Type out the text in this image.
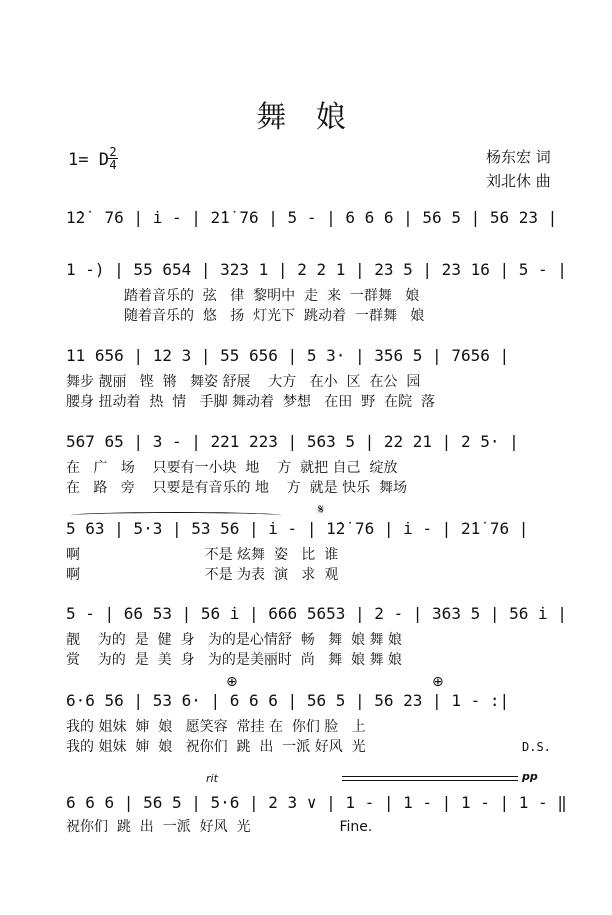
舞 娘
1= D 2
4	杨东宏 词
刘北休 曲
1̇2̇  76 | i̇ - | 2̇1̇ 76 | 5 - | 6 6 6 | 56 5 | 56 23 |
1 -) | 55 654 | 323 1 | 2 2 1 | 23 5 | 23 16 | 5 - |
踏着音乐的  弦   律  黎明中  走  来  一群舞   娘
随着音乐的  悠   扬  灯光下  跳动着  一群舞   娘
11 656 | 12 3 | 55 656 | 5 3· | 356 5 | 7656 |
舞步 靓丽   铿  锵   舞姿 舒展    大方   在小  区  在公  园
腰身 扭动着  热  情   手脚 舞动着  梦想   在田  野  在院  落
567 65 | 3 - | 221 223 | 563 5 | 22 21 | 2 5· |
在   广   场    只要有一小块  地    方  就把 自己  绽放
在   路   旁    只要是有音乐的 地    方  就是 快乐  舞场
𝄋
5 63 | 5·3 | 53 56 | i̇ - | 1̇2̇ 76 | i̇ - | 2̇1̇ 76 |
啊                            不是 炫舞  姿   比  谁
啊                            不是 为表  演   求  观
5 - | 66 53 | 56 i̇ | 666 5653 | 2 - | 363 5 | 56 i̇ |
靓    为的  是  健  身   为的是心情舒  畅   舞  娘 舞 娘
赏    为的  是  美  身   为的是美丽时  尚   舞  娘 舞 娘
⊕	⊕
6·6 56 | 53 6· | 6 6 6 | 56 5 | 56 23 | 1 - :|
我的 姐妹  婶  娘   愿笑容  常挂 在  你们 脸   上
我的 姐妹  婶  娘   祝你们  跳  出  一派 好风  光	D.S.
rit	pp
6 6 6 | 56 5 | 5·6 | 2 3 ∨ | 1 - | 1 - | 1 - | 1 - ‖
祝你们  跳  出  一派  好风  光                    Fine.
